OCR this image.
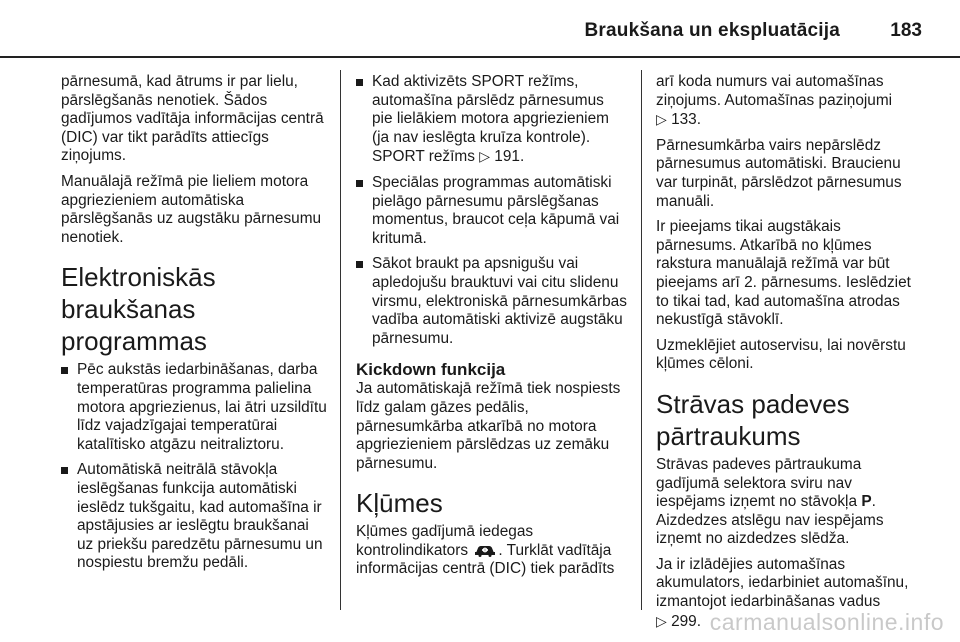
Braukšana un ekspluatācija	183

pārnesumā, kad ātrums ir par lielu, pārslēgšanās nenotiek. Šādos gadījumos vadītāja informācijas centrā (DIC) var tikt parādīts attiecīgs ziņojums.

Manuālajā režīmā pie lieliem motora apgriezieniem automātiska pārslēgšanās uz augstāku pārnesumu nenotiek.

Elektroniskās braukšanas programmas
Pēc aukstās iedarbināšanas, darba temperatūras programma palielina motora apgriezienus, lai ātri uzsildītu līdz vajadzīgajai temperatūrai katalītisko atgāzu neitraliztoru.
Automātiskā neitrālā stāvokļa ieslēgšanas funkcija automātiski ieslēdz tukšgaitu, kad automašīna ir apstājusies ar ieslēgtu braukšanai uz priekšu paredzētu pārnesumu un nospiestu bremžu pedāli.
Kad aktivizēts SPORT režīms, automašīna pārslēdz pārnesumus pie lielākiem motora apgriezieniem (ja nav ieslēgta kruīza kontrole). SPORT režīms ▷ 191.
Speciālas programmas automātiski pielāgo pārnesumu pārslēgšanas momentus, braucot ceļa kāpumā vai kritumā.
Sākot braukt pa apsnigušu vai apledojušu brauktuvi vai citu slidenu virsmu, elektroniskā pārnesumkārbas vadība automātiski aktivizē augstāku pārnesumu.
Kickdown funkcija

Ja automātiskajā režīmā tiek nospiests līdz galam gāzes pedālis, pārnesumkārba atkarībā no motora apgriezieniem pārslēdzas uz zemāku pārnesumu.

Kļūmes

Kļūmes gadījumā iedegas kontrolindikators . Turklāt vadītāja informācijas centrā (DIC) tiek parādīts

arī koda numurs vai automašīnas ziņojums. Automašīnas paziņojumi
▷ 133.

Pārnesumkārba vairs nepārslēdz pārnesumus automātiski. Braucienu var turpināt, pārslēdzot pārnesumus manuāli.

Ir pieejams tikai augstākais pārnesums. Atkarībā no kļūmes rakstura manuālajā režīmā var būt pieejams arī 2. pārnesums. Ieslēdziet to tikai tad, kad automašīna atrodas nekustīgā stāvoklī.

Uzmeklējiet autoservisu, lai novērstu kļūmes cēloni.

Strāvas padeves pārtraukums

Strāvas padeves pārtraukuma gadījumā selektora sviru nav iespējams izņemt no stāvokļa P. Aizdedzes atslēgu nav iespējams izņemt no aizdedzes slēdža.

Ja ir izlādējies automašīnas akumulators, iedarbiniet automašīnu, izmantojot iedarbināšanas vadus
▷ 299. carmanualsonline.info
